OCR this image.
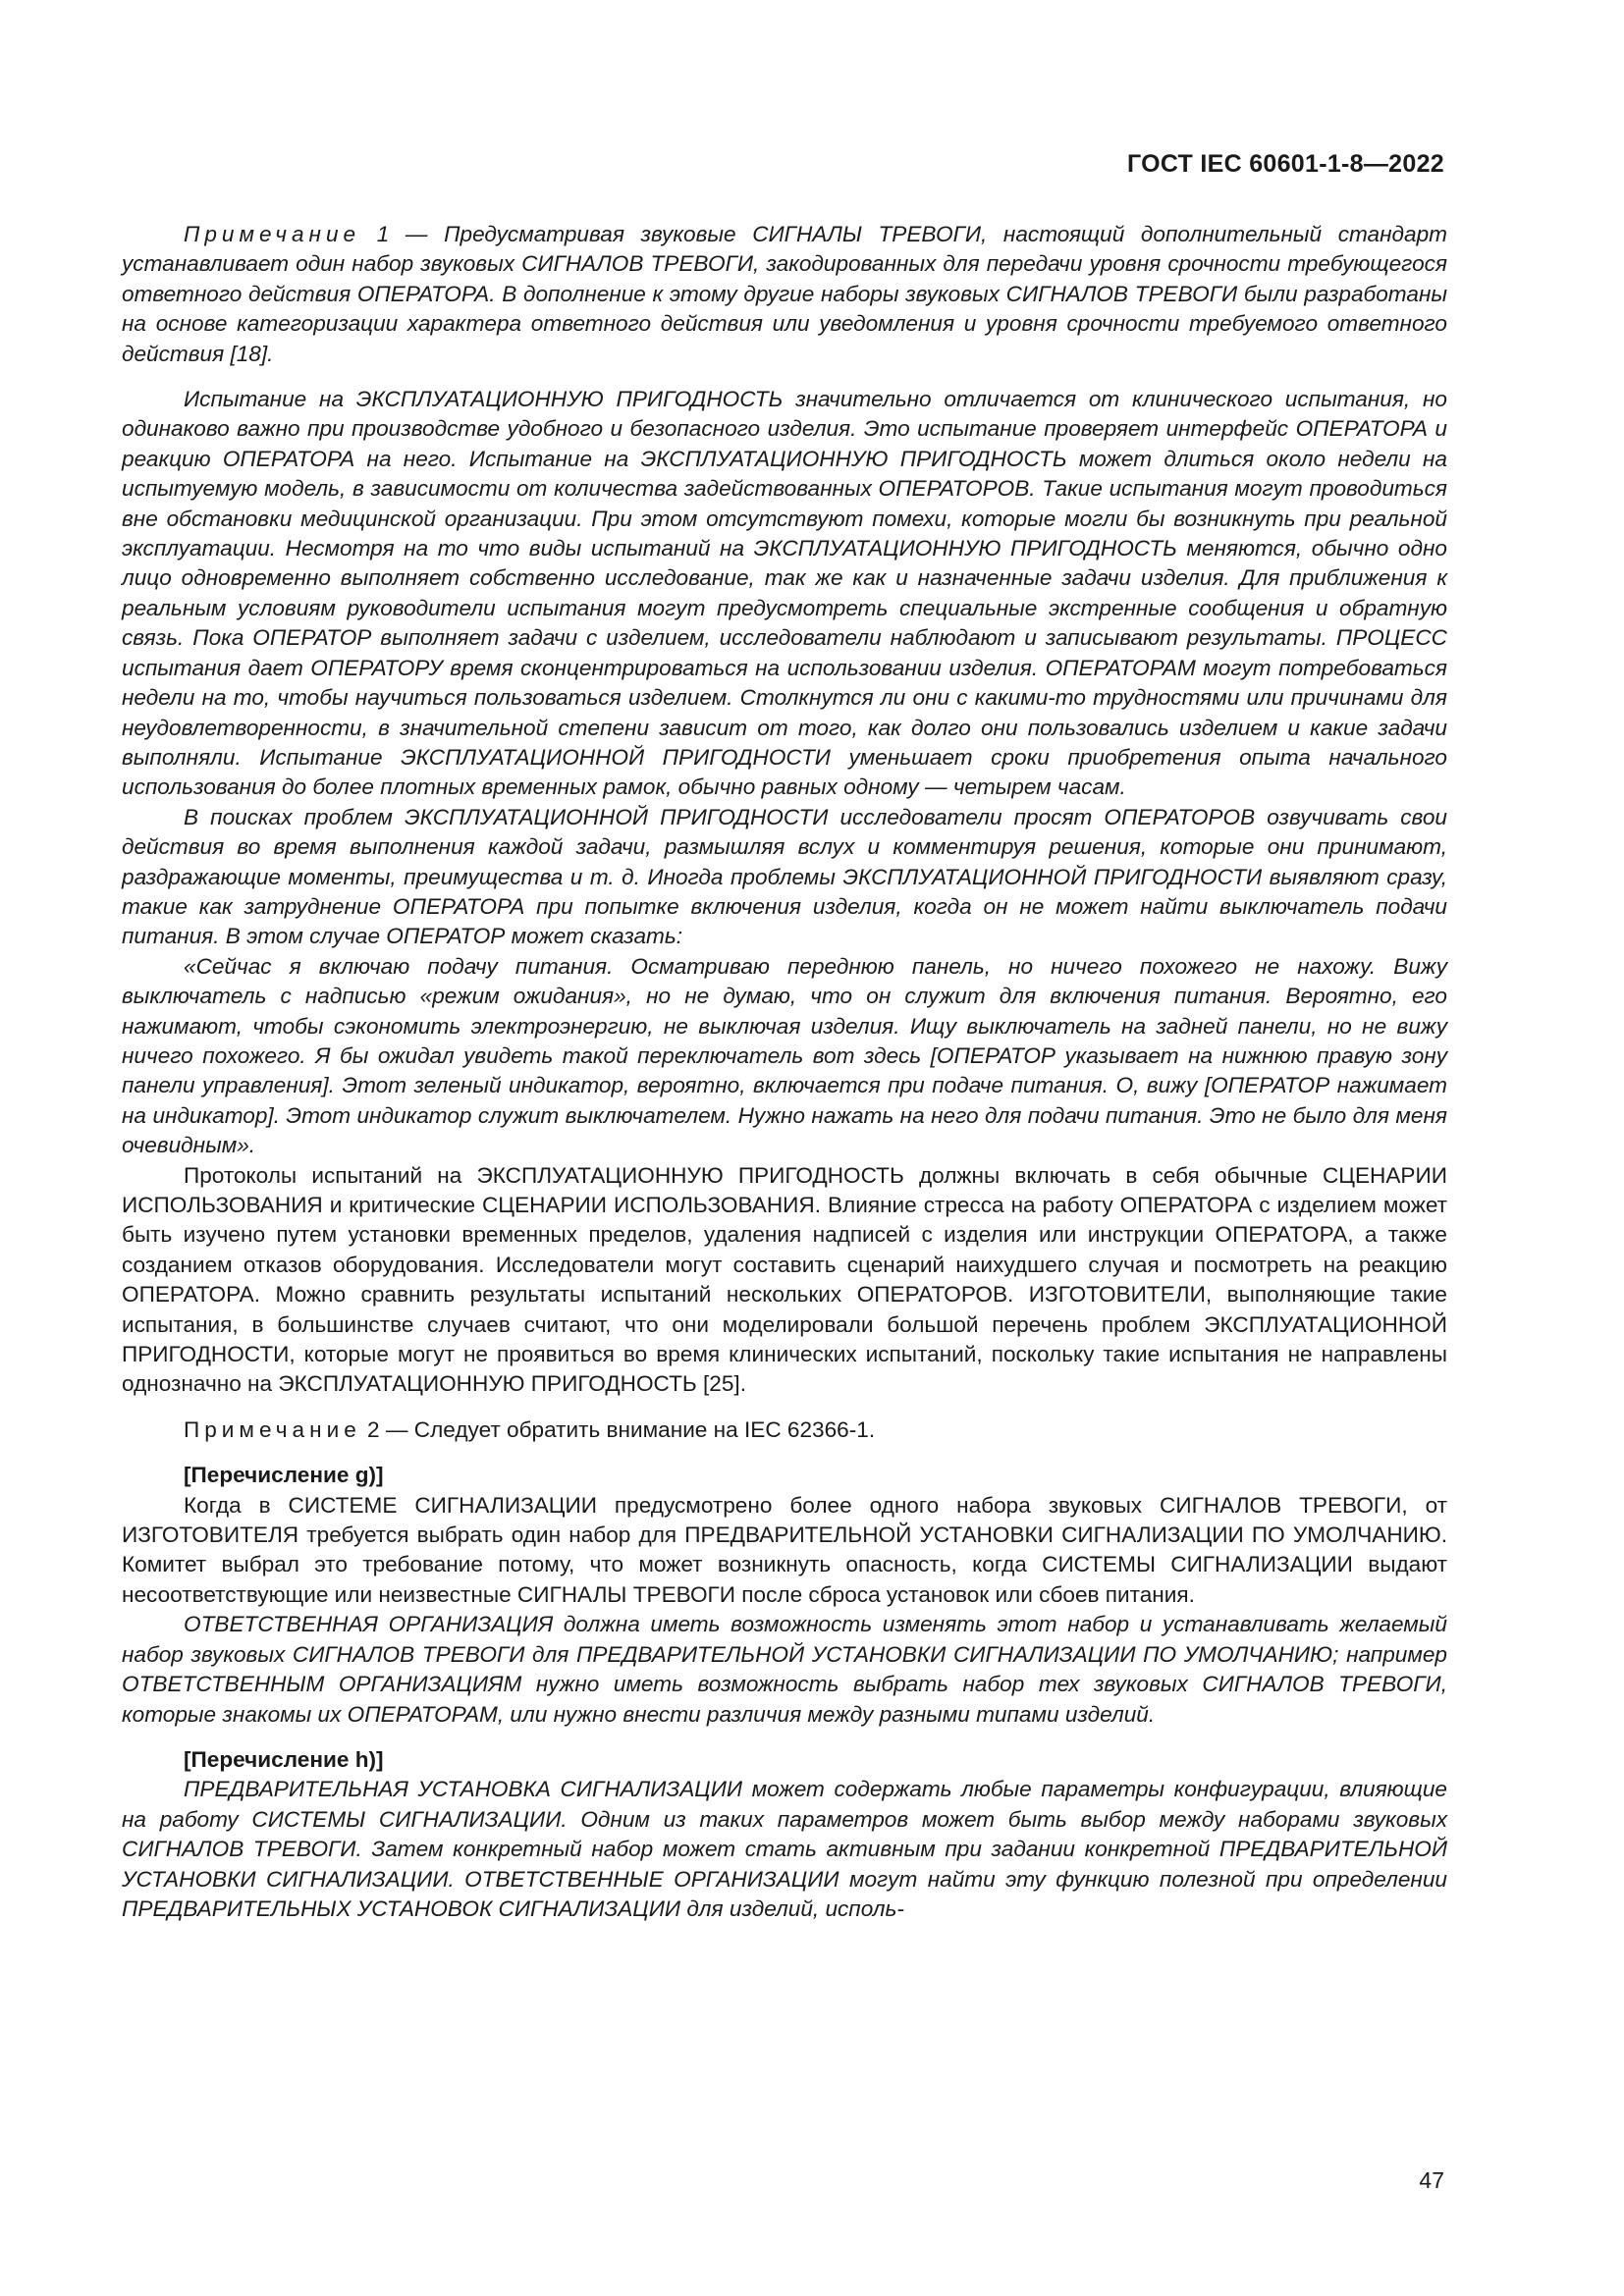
ГОСТ IEC 60601-1-8—2022

Примечание 1 — Предусматривая звуковые СИГНАЛЫ ТРЕВОГИ, настоящий дополнительный стандарт устанавливает один набор звуковых СИГНАЛОВ ТРЕВОГИ, закодированных для передачи уровня срочности требующегося ответного действия ОПЕРАТОРА. В дополнение к этому другие наборы звуковых СИГНАЛОВ ТРЕВОГИ были разработаны на основе категоризации характера ответного действия или уведомления и уровня срочности требуемого ответного действия [18].

Испытание на ЭКСПЛУАТАЦИОННУЮ ПРИГОДНОСТЬ значительно отличается от клинического испытания, но одинаково важно при производстве удобного и безопасного изделия. Это испытание проверяет интерфейс ОПЕРАТОРА и реакцию ОПЕРАТОРА на него. Испытание на ЭКСПЛУАТАЦИОННУЮ ПРИГОДНОСТЬ может длиться около недели на испытуемую модель, в зависимости от количества задействованных ОПЕРАТОРОВ. Такие испытания могут проводиться вне обстановки медицинской организации. При этом отсутствуют помехи, которые могли бы возникнуть при реальной эксплуатации. Несмотря на то что виды испытаний на ЭКСПЛУАТАЦИОННУЮ ПРИГОДНОСТЬ меняются, обычно одно лицо одновременно выполняет собственно исследование, так же как и назначенные задачи изделия. Для приближения к реальным условиям руководители испытания могут предусмотреть специальные экстренные сообщения и обратную связь. Пока ОПЕРАТОР выполняет задачи с изделием, исследователи наблюдают и записывают результаты. ПРОЦЕСС испытания дает ОПЕРАТОРУ время сконцентрироваться на использовании изделия. ОПЕРАТОРАМ могут потребоваться недели на то, чтобы научиться пользоваться изделием. Столкнутся ли они с какими-то трудностями или причинами для неудовлетворенности, в значительной степени зависит от того, как долго они пользовались изделием и какие задачи выполняли. Испытание ЭКСПЛУАТАЦИОННОЙ ПРИГОДНОСТИ уменьшает сроки приобретения опыта начального использования до более плотных временных рамок, обычно равных одному — четырем часам.

В поисках проблем ЭКСПЛУАТАЦИОННОЙ ПРИГОДНОСТИ исследователи просят ОПЕРАТОРОВ озвучивать свои действия во время выполнения каждой задачи, размышляя вслух и комментируя решения, которые они принимают, раздражающие моменты, преимущества и т. д. Иногда проблемы ЭКСПЛУАТАЦИОННОЙ ПРИГОДНОСТИ выявляют сразу, такие как затруднение ОПЕРАТОРА при попытке включения изделия, когда он не может найти выключатель подачи питания. В этом случае ОПЕРАТОР может сказать:

«Сейчас я включаю подачу питания. Осматриваю переднюю панель, но ничего похожего не нахожу. Вижу выключатель с надписью «режим ожидания», но не думаю, что он служит для включения питания. Вероятно, его нажимают, чтобы сэкономить электроэнергию, не выключая изделия. Ищу выключатель на задней панели, но не вижу ничего похожего. Я бы ожидал увидеть такой переключатель вот здесь [ОПЕРАТОР указывает на нижнюю правую зону панели управления]. Этот зеленый индикатор, вероятно, включается при подаче питания. О, вижу [ОПЕРАТОР нажимает на индикатор]. Этот индикатор служит выключателем. Нужно нажать на него для подачи питания. Это не было для меня очевидным».

Протоколы испытаний на ЭКСПЛУАТАЦИОННУЮ ПРИГОДНОСТЬ должны включать в себя обычные СЦЕНАРИИ ИСПОЛЬЗОВАНИЯ и критические СЦЕНАРИИ ИСПОЛЬЗОВАНИЯ. Влияние стресса на работу ОПЕРАТОРА с изделием может быть изучено путем установки временных пределов, удаления надписей с изделия или инструкции ОПЕРАТОРА, а также созданием отказов оборудования. Исследователи могут составить сценарий наихудшего случая и посмотреть на реакцию ОПЕРАТОРА. Можно сравнить результаты испытаний нескольких ОПЕРАТОРОВ. ИЗГОТОВИТЕЛИ, выполняющие такие испытания, в большинстве случаев считают, что они моделировали большой перечень проблем ЭКСПЛУАТАЦИОННОЙ ПРИГОДНОСТИ, которые могут не проявиться во время клинических испытаний, поскольку такие испытания не направлены однозначно на ЭКСПЛУАТАЦИОННУЮ ПРИГОДНОСТЬ [25].

Примечание 2 — Следует обратить внимание на IEC 62366-1.

[Перечисление g)]

Когда в СИСТЕМЕ СИГНАЛИЗАЦИИ предусмотрено более одного набора звуковых СИГНАЛОВ ТРЕВОГИ, от ИЗГОТОВИТЕЛЯ требуется выбрать один набор для ПРЕДВАРИТЕЛЬНОЙ УСТАНОВКИ СИГНАЛИЗАЦИИ ПО УМОЛЧАНИЮ. Комитет выбрал это требование потому, что может возникнуть опасность, когда СИСТЕМЫ СИГНАЛИЗАЦИИ выдают несоответствующие или неизвестные СИГНАЛЫ ТРЕВОГИ после сброса установок или сбоев питания.

ОТВЕТСТВЕННАЯ ОРГАНИЗАЦИЯ должна иметь возможность изменять этот набор и устанавливать желаемый набор звуковых СИГНАЛОВ ТРЕВОГИ для ПРЕДВАРИТЕЛЬНОЙ УСТАНОВКИ СИГНАЛИЗАЦИИ ПО УМОЛЧАНИЮ; например ОТВЕТСТВЕННЫМ ОРГАНИЗАЦИЯМ нужно иметь возможность выбрать набор тех звуковых СИГНАЛОВ ТРЕВОГИ, которые знакомы их ОПЕРАТОРАМ, или нужно внести различия между разными типами изделий.

[Перечисление h)]

ПРЕДВАРИТЕЛЬНАЯ УСТАНОВКА СИГНАЛИЗАЦИИ может содержать любые параметры конфигурации, влияющие на работу СИСТЕМЫ СИГНАЛИЗАЦИИ. Одним из таких параметров может быть выбор между наборами звуковых СИГНАЛОВ ТРЕВОГИ. Затем конкретный набор может стать активным при задании конкретной ПРЕДВАРИТЕЛЬНОЙ УСТАНОВКИ СИГНАЛИЗАЦИИ. ОТВЕТСТВЕННЫЕ ОРГАНИЗАЦИИ могут найти эту функцию полезной при определении ПРЕДВАРИТЕЛЬНЫХ УСТАНОВОК СИГНАЛИЗАЦИИ для изделий, исполь-

47
